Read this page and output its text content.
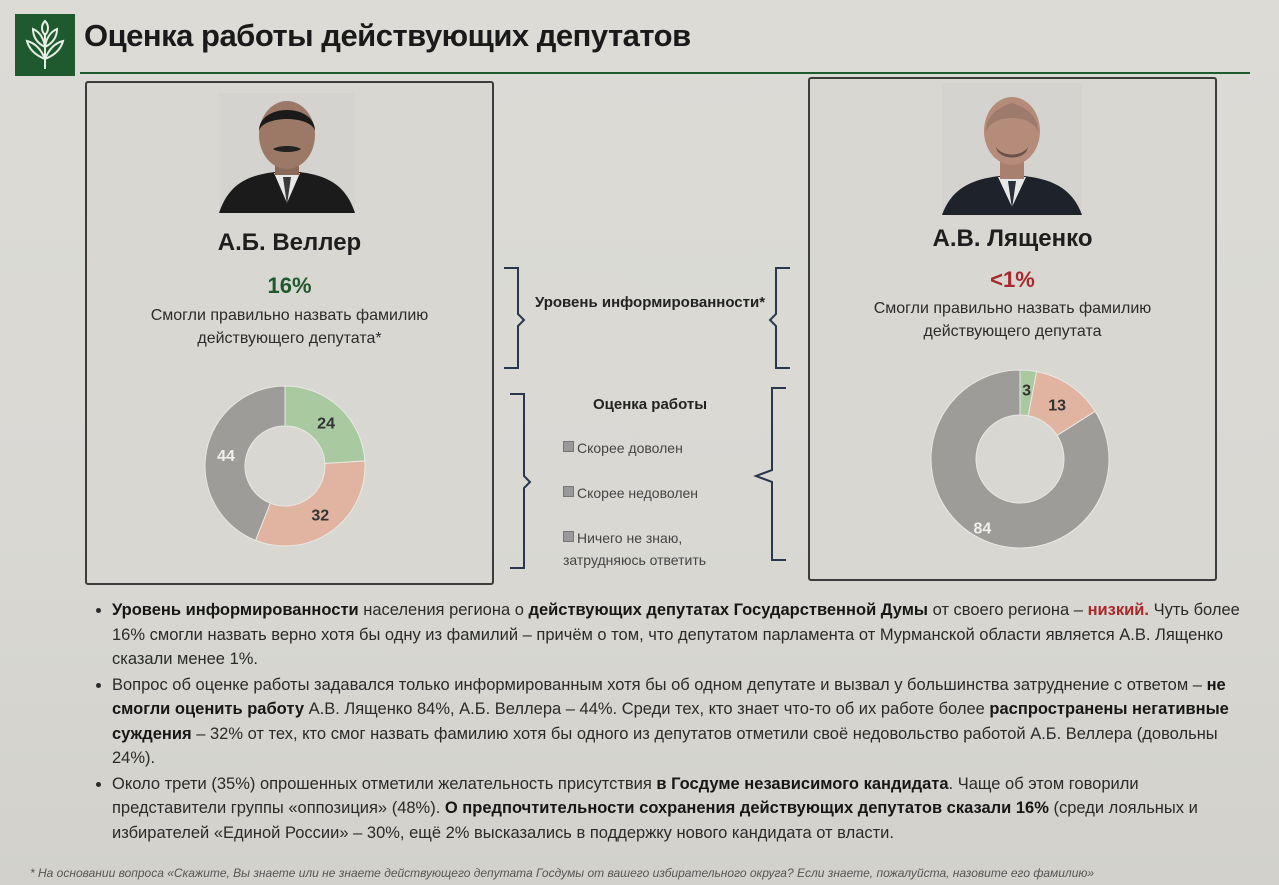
Оценка работы действующих депутатов
А.Б. Веллер
16%
Смогли правильно назвать фамилию действующего депутата*
24
32
44
А.В. Лященко
<1%
Смогли правильно назвать фамилию действующего депутата
3
13
84
Уровень информированности*
Оценка работы
Скорее доволен
Скорее недоволен
Ничего не знаю, затрудняюсь ответить
• Уровень информированности населения региона о действующих депутатах Государственной Думы от своего региона – низкий. Чуть более 16% смогли назвать верно хотя бы одну из фамилий – причём о том, что депутатом парламента от Мурманской области является А.В. Лященко сказали менее 1%.
• Вопрос об оценке работы задавался только информированным хотя бы об одном депутате и вызвал у большинства затруднение с ответом – не смогли оценить работу А.В. Лященко 84%, А.Б. Веллера – 44%. Среди тех, кто знает что-то об их работе более распространены негативные суждения – 32% от тех, кто смог назвать фамилию хотя бы одного из депутатов отметили своё недовольство работой А.Б. Веллера (довольны 24%).
• Около трети (35%) опрошенных отметили желательность присутствия в Госдуме независимого кандидата. Чаще об этом говорили представители группы «оппозиция» (48%). О предпочтительности сохранения действующих депутатов сказали 16% (среди лояльных и избирателей «Единой России» – 30%, ещё 2% высказались в поддержку нового кандидата от власти.
* На основании вопроса «Скажите, Вы знаете или не знаете действующего депутата Госдумы от вашего избирательного округа? Если знаете, пожалуйста, назовите его фамилию»
